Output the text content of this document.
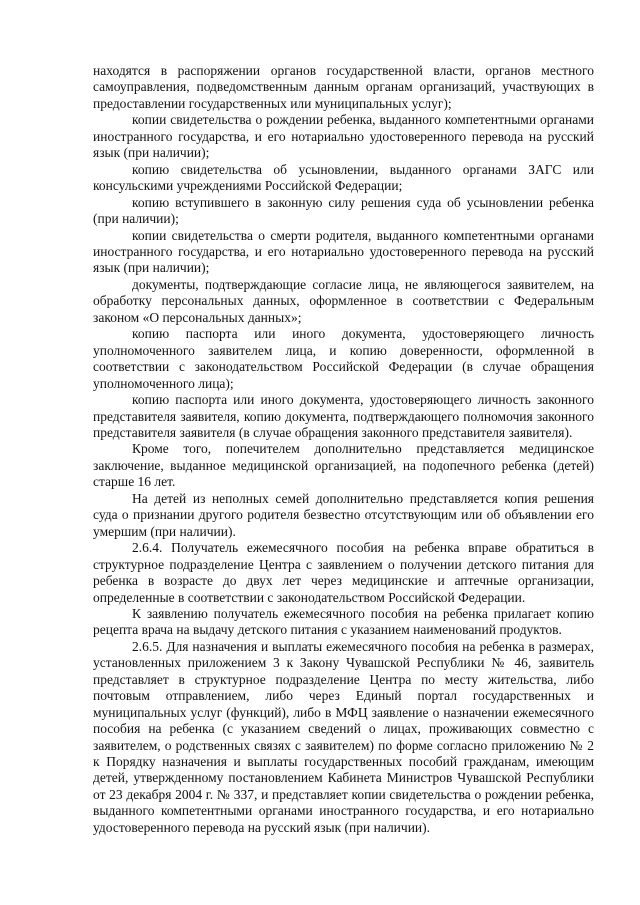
находятся в распоряжении органов государственной власти, органов местного самоуправления, подведомственным данным органам организаций, участвующих в предоставлении государственных или муниципальных услуг);

копии свидетельства о рождении ребенка, выданного компетентными органами иностранного государства, и его нотариально удостоверенного перевода на русский язык (при наличии);

копию свидетельства об усыновлении, выданного органами ЗАГС или консульскими учреждениями Российской Федерации;

копию вступившего в законную силу решения суда об усыновлении ребенка (при наличии);

копии свидетельства о смерти родителя, выданного компетентными органами иностранного государства, и его нотариально удостоверенного перевода на русский язык (при наличии);

документы, подтверждающие согласие лица, не являющегося заявителем, на обработку персональных данных, оформленное в соответствии с Федеральным законом «О персональных данных»;

копию паспорта или иного документа, удостоверяющего личность уполномоченного заявителем лица, и копию доверенности, оформленной в соответствии с законодательством Российской Федерации (в случае обращения уполномоченного лица);

копию паспорта или иного документа, удостоверяющего личность законного представителя заявителя, копию документа, подтверждающего полномочия законного представителя заявителя (в случае обращения законного представителя заявителя).

Кроме того, попечителем дополнительно представляется медицинское заключение, выданное медицинской организацией, на подопечного ребенка (детей) старше 16 лет.

На детей из неполных семей дополнительно представляется копия решения суда о признании другого родителя безвестно отсутствующим или об объявлении его умершим (при наличии).

2.6.4. Получатель ежемесячного пособия на ребенка вправе обратиться в структурное подразделение Центра с заявлением о получении детского питания для ребенка в возрасте до двух лет через медицинские и аптечные организации, определенные в соответствии с законодательством Российской Федерации.

К заявлению получатель ежемесячного пособия на ребенка прилагает копию рецепта врача на выдачу детского питания с указанием наименований продуктов.

2.6.5. Для назначения и выплаты ежемесячного пособия на ребенка в размерах, установленных приложением 3 к Закону Чувашской Республики № 46, заявитель представляет в структурное подразделение Центра по месту жительства, либо почтовым отправлением, либо через Единый портал государственных и муниципальных услуг (функций), либо в МФЦ заявление о назначении ежемесячного пособия на ребенка (с указанием сведений о лицах, проживающих совместно с заявителем, о родственных связях с заявителем) по форме согласно приложению № 2 к Порядку назначения и выплаты государственных пособий гражданам, имеющим детей, утвержденному постановлением Кабинета Министров Чувашской Республики от 23 декабря 2004 г. № 337, и представляет копии свидетельства о рождении ребенка, выданного компетентными органами иностранного государства, и его нотариально удостоверенного перевода на русский язык (при наличии).
